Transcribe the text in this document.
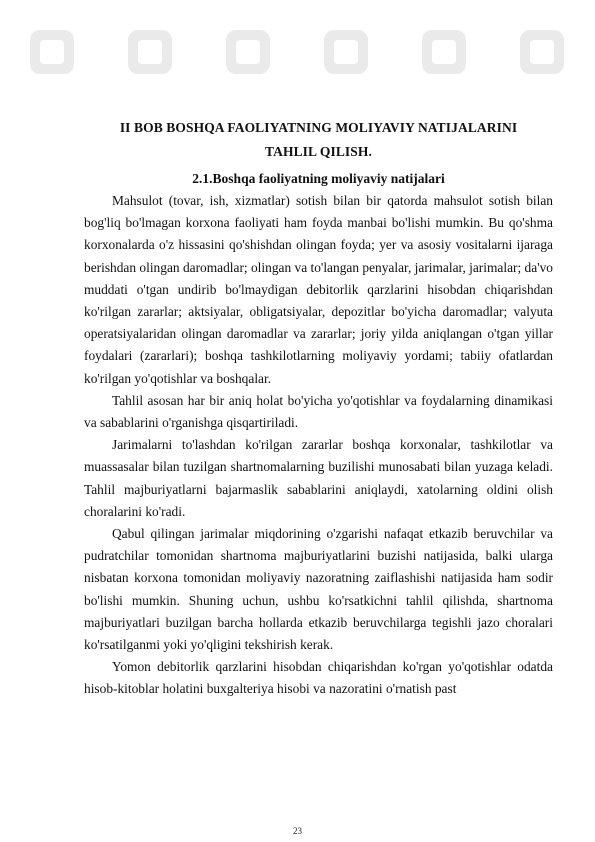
II BOB BOSHQA FAOLIYATNING MOLIYAVIY NATIJALARINI
TAHLIL QILISH.
2.1.Boshqa faoliyatning moliyaviy natijalari

Mahsulot (tovar, ish, xizmatlar) sotish bilan bir qatorda mahsulot sotish bilan bog'liq bo'lmagan korxona faoliyati ham foyda manbai bo'lishi mumkin. Bu qo'shma korxonalarda o'z hissasini qo'shishdan olingan foyda; yer va asosiy vositalarni ijaraga berishdan olingan daromadlar; olingan va to'langan penyalar, jarimalar, jarimalar; da'vo muddati o'tgan undirib bo'lmaydigan debitorlik qarzlarini hisobdan chiqarishdan ko'rilgan zararlar; aktsiyalar, obligatsiyalar, depozitlar bo'yicha daromadlar; valyuta operatsiyalaridan olingan daromadlar va zararlar; joriy yilda aniqlangan o'tgan yillar foydalari (zararlari); boshqa tashkilotlarning moliyaviy yordami; tabiiy ofatlardan ko'rilgan yo'qotishlar va boshqalar.

Tahlil asosan har bir aniq holat bo'yicha yo'qotishlar va foydalarning dinamikasi va sabablarini o'rganishga qisqartiriladi.

Jarimalarni to'lashdan ko'rilgan zararlar boshqa korxonalar, tashkilotlar va muassasalar bilan tuzilgan shartnomalarning buzilishi munosabati bilan yuzaga keladi. Tahlil majburiyatlarni bajarmaslik sabablarini aniqlaydi, xatolarning oldini olish choralarini ko'radi.

Qabul qilingan jarimalar miqdorining o'zgarishi nafaqat etkazib beruvchilar va pudratchilar tomonidan shartnoma majburiyatlarini buzishi natijasida, balki ularga nisbatan korxona tomonidan moliyaviy nazoratning zaiflashishi natijasida ham sodir bo'lishi mumkin. Shuning uchun, ushbu ko'rsatkichni tahlil qilishda, shartnoma majburiyatlari buzilgan barcha hollarda etkazib beruvchilarga tegishli jazo choralari ko'rsatilganmi yoki yo'qligini tekshirish kerak.

Yomon debitorlik qarzlarini hisobdan chiqarishdan ko'rgan yo'qotishlar odatda hisob-kitoblar holatini buxgalteriya hisobi va nazoratini o'rnatish past

23
